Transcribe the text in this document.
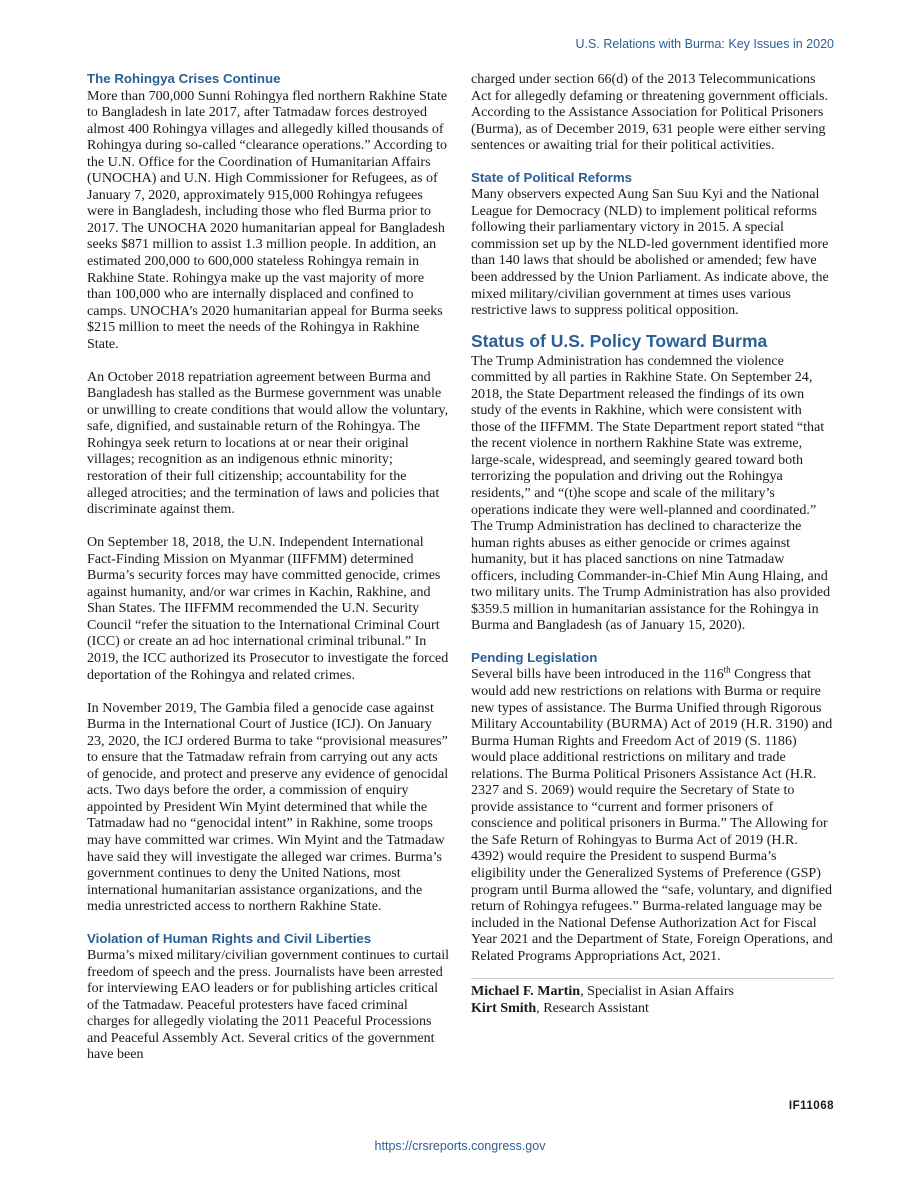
U.S. Relations with Burma: Key Issues in 2020
The Rohingya Crises Continue

More than 700,000 Sunni Rohingya fled northern Rakhine State to Bangladesh in late 2017, after Tatmadaw forces destroyed almost 400 Rohingya villages and allegedly killed thousands of Rohingya during so-called “clearance operations.” According to the U.N. Office for the Coordination of Humanitarian Affairs (UNOCHA) and U.N. High Commissioner for Refugees, as of January 7, 2020, approximately 915,000 Rohingya refugees were in Bangladesh, including those who fled Burma prior to 2017. The UNOCHA 2020 humanitarian appeal for Bangladesh seeks $871 million to assist 1.3 million people. In addition, an estimated 200,000 to 600,000 stateless Rohingya remain in Rakhine State. Rohingya make up the vast majority of more than 100,000 who are internally displaced and confined to camps. UNOCHA’s 2020 humanitarian appeal for Burma seeks $215 million to meet the needs of the Rohingya in Rakhine State.

An October 2018 repatriation agreement between Burma and Bangladesh has stalled as the Burmese government was unable or unwilling to create conditions that would allow the voluntary, safe, dignified, and sustainable return of the Rohingya. The Rohingya seek return to locations at or near their original villages; recognition as an indigenous ethnic minority; restoration of their full citizenship; accountability for the alleged atrocities; and the termination of laws and policies that discriminate against them.

On September 18, 2018, the U.N. Independent International Fact-Finding Mission on Myanmar (IIFFMM) determined Burma’s security forces may have committed genocide, crimes against humanity, and/or war crimes in Kachin, Rakhine, and Shan States. The IIFFMM recommended the U.N. Security Council “refer the situation to the International Criminal Court (ICC) or create an ad hoc international criminal tribunal.” In 2019, the ICC authorized its Prosecutor to investigate the forced deportation of the Rohingya and related crimes.

In November 2019, The Gambia filed a genocide case against Burma in the International Court of Justice (ICJ). On January 23, 2020, the ICJ ordered Burma to take “provisional measures” to ensure that the Tatmadaw refrain from carrying out any acts of genocide, and protect and preserve any evidence of genocidal acts. Two days before the order, a commission of enquiry appointed by President Win Myint determined that while the Tatmadaw had no “genocidal intent” in Rakhine, some troops may have committed war crimes. Win Myint and the Tatmadaw have said they will investigate the alleged war crimes. Burma’s government continues to deny the United Nations, most international humanitarian assistance organizations, and the media unrestricted access to northern Rakhine State.

Violation of Human Rights and Civil Liberties

Burma’s mixed military/civilian government continues to curtail freedom of speech and the press. Journalists have been arrested for interviewing EAO leaders or for publishing articles critical of the Tatmadaw. Peaceful protesters have faced criminal charges for allegedly violating the 2011 Peaceful Processions and Peaceful Assembly Act. Several critics of the government have been

charged under section 66(d) of the 2013 Telecommunications Act for allegedly defaming or threatening government officials. According to the Assistance Association for Political Prisoners (Burma), as of December 2019, 631 people were either serving sentences or awaiting trial for their political activities.

State of Political Reforms

Many observers expected Aung San Suu Kyi and the National League for Democracy (NLD) to implement political reforms following their parliamentary victory in 2015. A special commission set up by the NLD-led government identified more than 140 laws that should be abolished or amended; few have been addressed by the Union Parliament. As indicate above, the mixed military/civilian government at times uses various restrictive laws to suppress political opposition.

Status of U.S. Policy Toward Burma

The Trump Administration has condemned the violence committed by all parties in Rakhine State. On September 24, 2018, the State Department released the findings of its own study of the events in Rakhine, which were consistent with those of the IIFFMM. The State Department report stated “that the recent violence in northern Rakhine State was extreme, large-scale, widespread, and seemingly geared toward both terrorizing the population and driving out the Rohingya residents,” and “(t)he scope and scale of the military’s operations indicate they were well-planned and coordinated.” The Trump Administration has declined to characterize the human rights abuses as either genocide or crimes against humanity, but it has placed sanctions on nine Tatmadaw officers, including Commander-in-Chief Min Aung Hlaing, and two military units. The Trump Administration has also provided $359.5 million in humanitarian assistance for the Rohingya in Burma and Bangladesh (as of January 15, 2020).

Pending Legislation

Several bills have been introduced in the 116th Congress that would add new restrictions on relations with Burma or require new types of assistance. The Burma Unified through Rigorous Military Accountability (BURMA) Act of 2019 (H.R. 3190) and Burma Human Rights and Freedom Act of 2019 (S. 1186) would place additional restrictions on military and trade relations. The Burma Political Prisoners Assistance Act (H.R. 2327 and S. 2069) would require the Secretary of State to provide assistance to “current and former prisoners of conscience and political prisoners in Burma.” The Allowing for the Safe Return of Rohingyas to Burma Act of 2019 (H.R. 4392) would require the President to suspend Burma’s eligibility under the Generalized Systems of Preference (GSP) program until Burma allowed the “safe, voluntary, and dignified return of Rohingya refugees.” Burma-related language may be included in the National Defense Authorization Act for Fiscal Year 2021 and the Department of State, Foreign Operations, and Related Programs Appropriations Act, 2021.

Michael F. Martin, Specialist in Asian Affairs
Kirt Smith, Research Assistant
IF11068
https://crsreports.congress.gov
